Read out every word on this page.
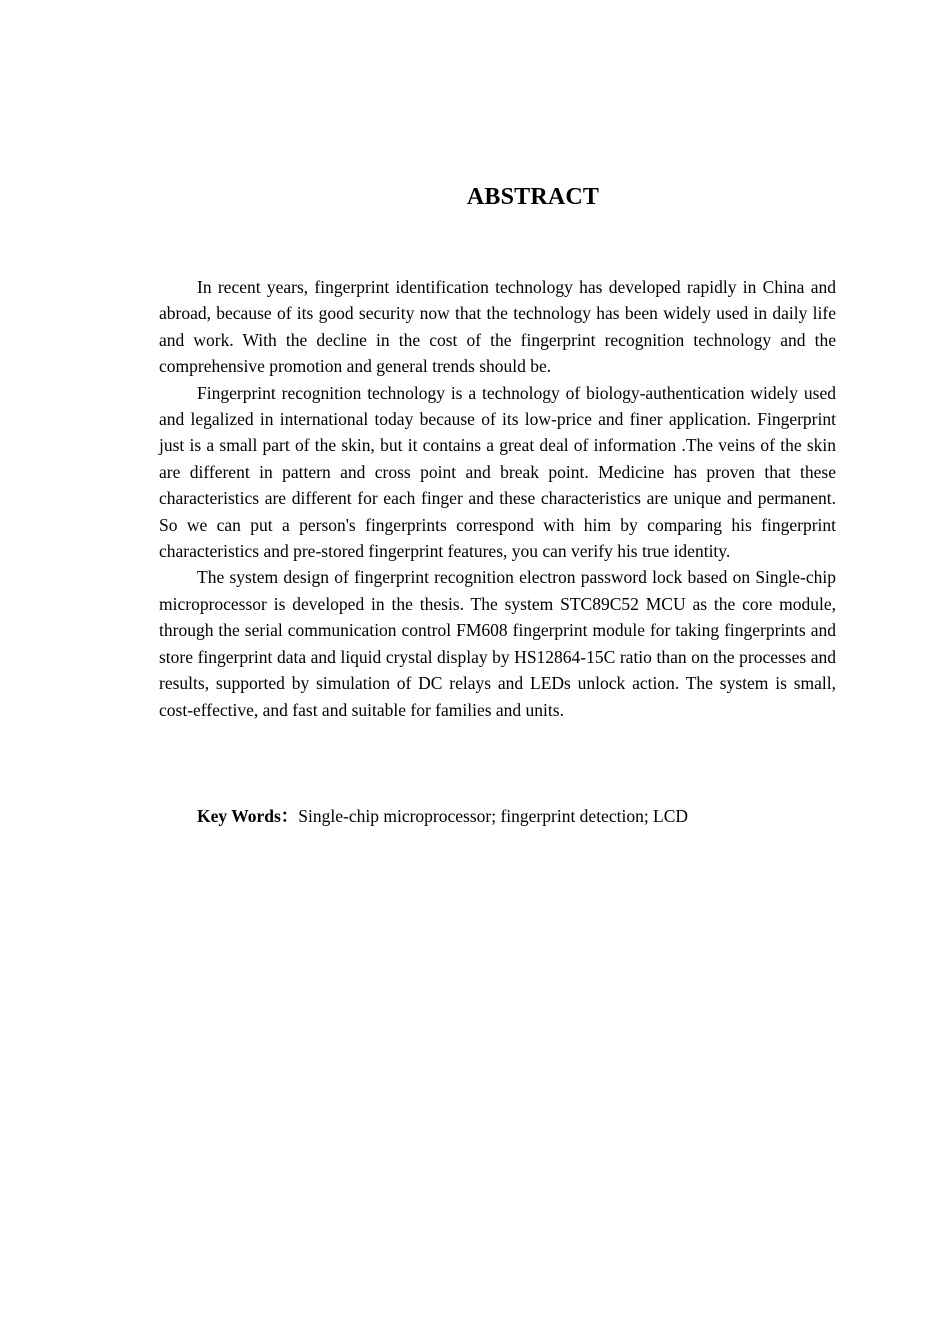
ABSTRACT

In recent years, fingerprint identification technology has developed rapidly in China and abroad, because of its good security now that the technology has been widely used in daily life and work. With the decline in the cost of the fingerprint recognition technology and the comprehensive promotion and general trends should be.

Fingerprint recognition technology is a technology of biology-authentication widely used and legalized in international today because of its low-price and finer application. Fingerprint just is a small part of the skin, but it contains a great deal of information .The veins of the skin are different in pattern and cross point and break point. Medicine has proven that these characteristics are different for each finger and these characteristics are unique and permanent. So we can put a person's fingerprints correspond with him by comparing his fingerprint characteristics and pre-stored fingerprint features, you can verify his true identity.

The system design of fingerprint recognition electron password lock based on Single-chip microprocessor is developed in the thesis. The system STC89C52 MCU as the core module, through the serial communication control FM608 fingerprint module for taking fingerprints and store fingerprint data and liquid crystal display by HS12864-15C ratio than on the processes and results, supported by simulation of DC relays and LEDs unlock action. The system is small, cost-effective, and fast and suitable for families and units.

Key Words：Single-chip microprocessor; fingerprint detection; LCD
